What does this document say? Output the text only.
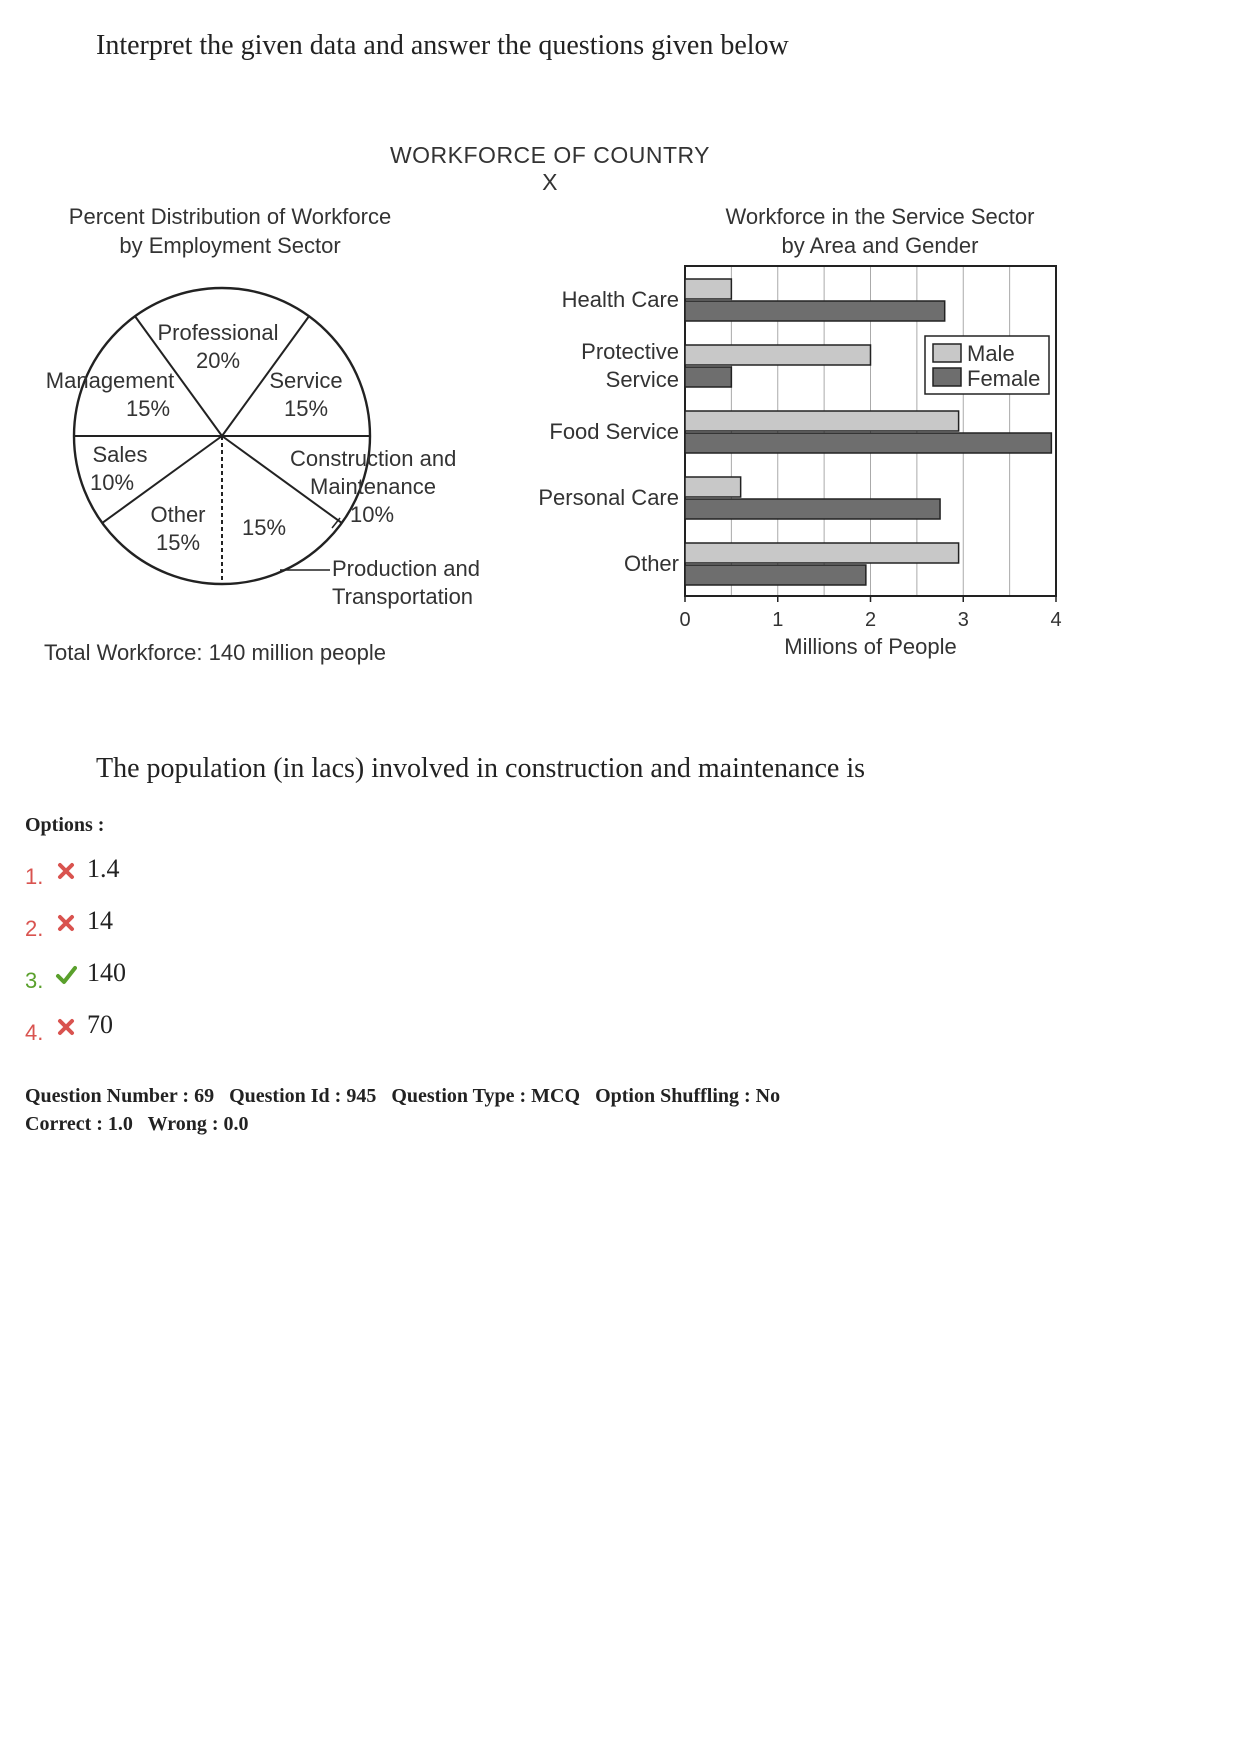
Interpret the given data and answer the questions given below
WORKFORCE OF COUNTRY X
Percent Distribution of Workforce
by Employment Sector
Workforce in the Service Sector
by Area and Gender
Professional
20%
Service
15%
Construction and
Maintenance
10%
15%
Production and
Transportation
Other
15%
Sales
10%
Management
15%
Total Workforce: 140 million people
Health Care
Protective
Service
Food Service
Personal Care
Other
0	1	2	3	4
Millions of People
Male
Female
The population (in lacs) involved in construction and maintenance is
Options :
1. 1.4
2. 14
3. 140
4. 70
Question Number : 69 Question Id : 945 Question Type : MCQ Option Shuffling : No
Correct : 1.0 Wrong : 0.0
